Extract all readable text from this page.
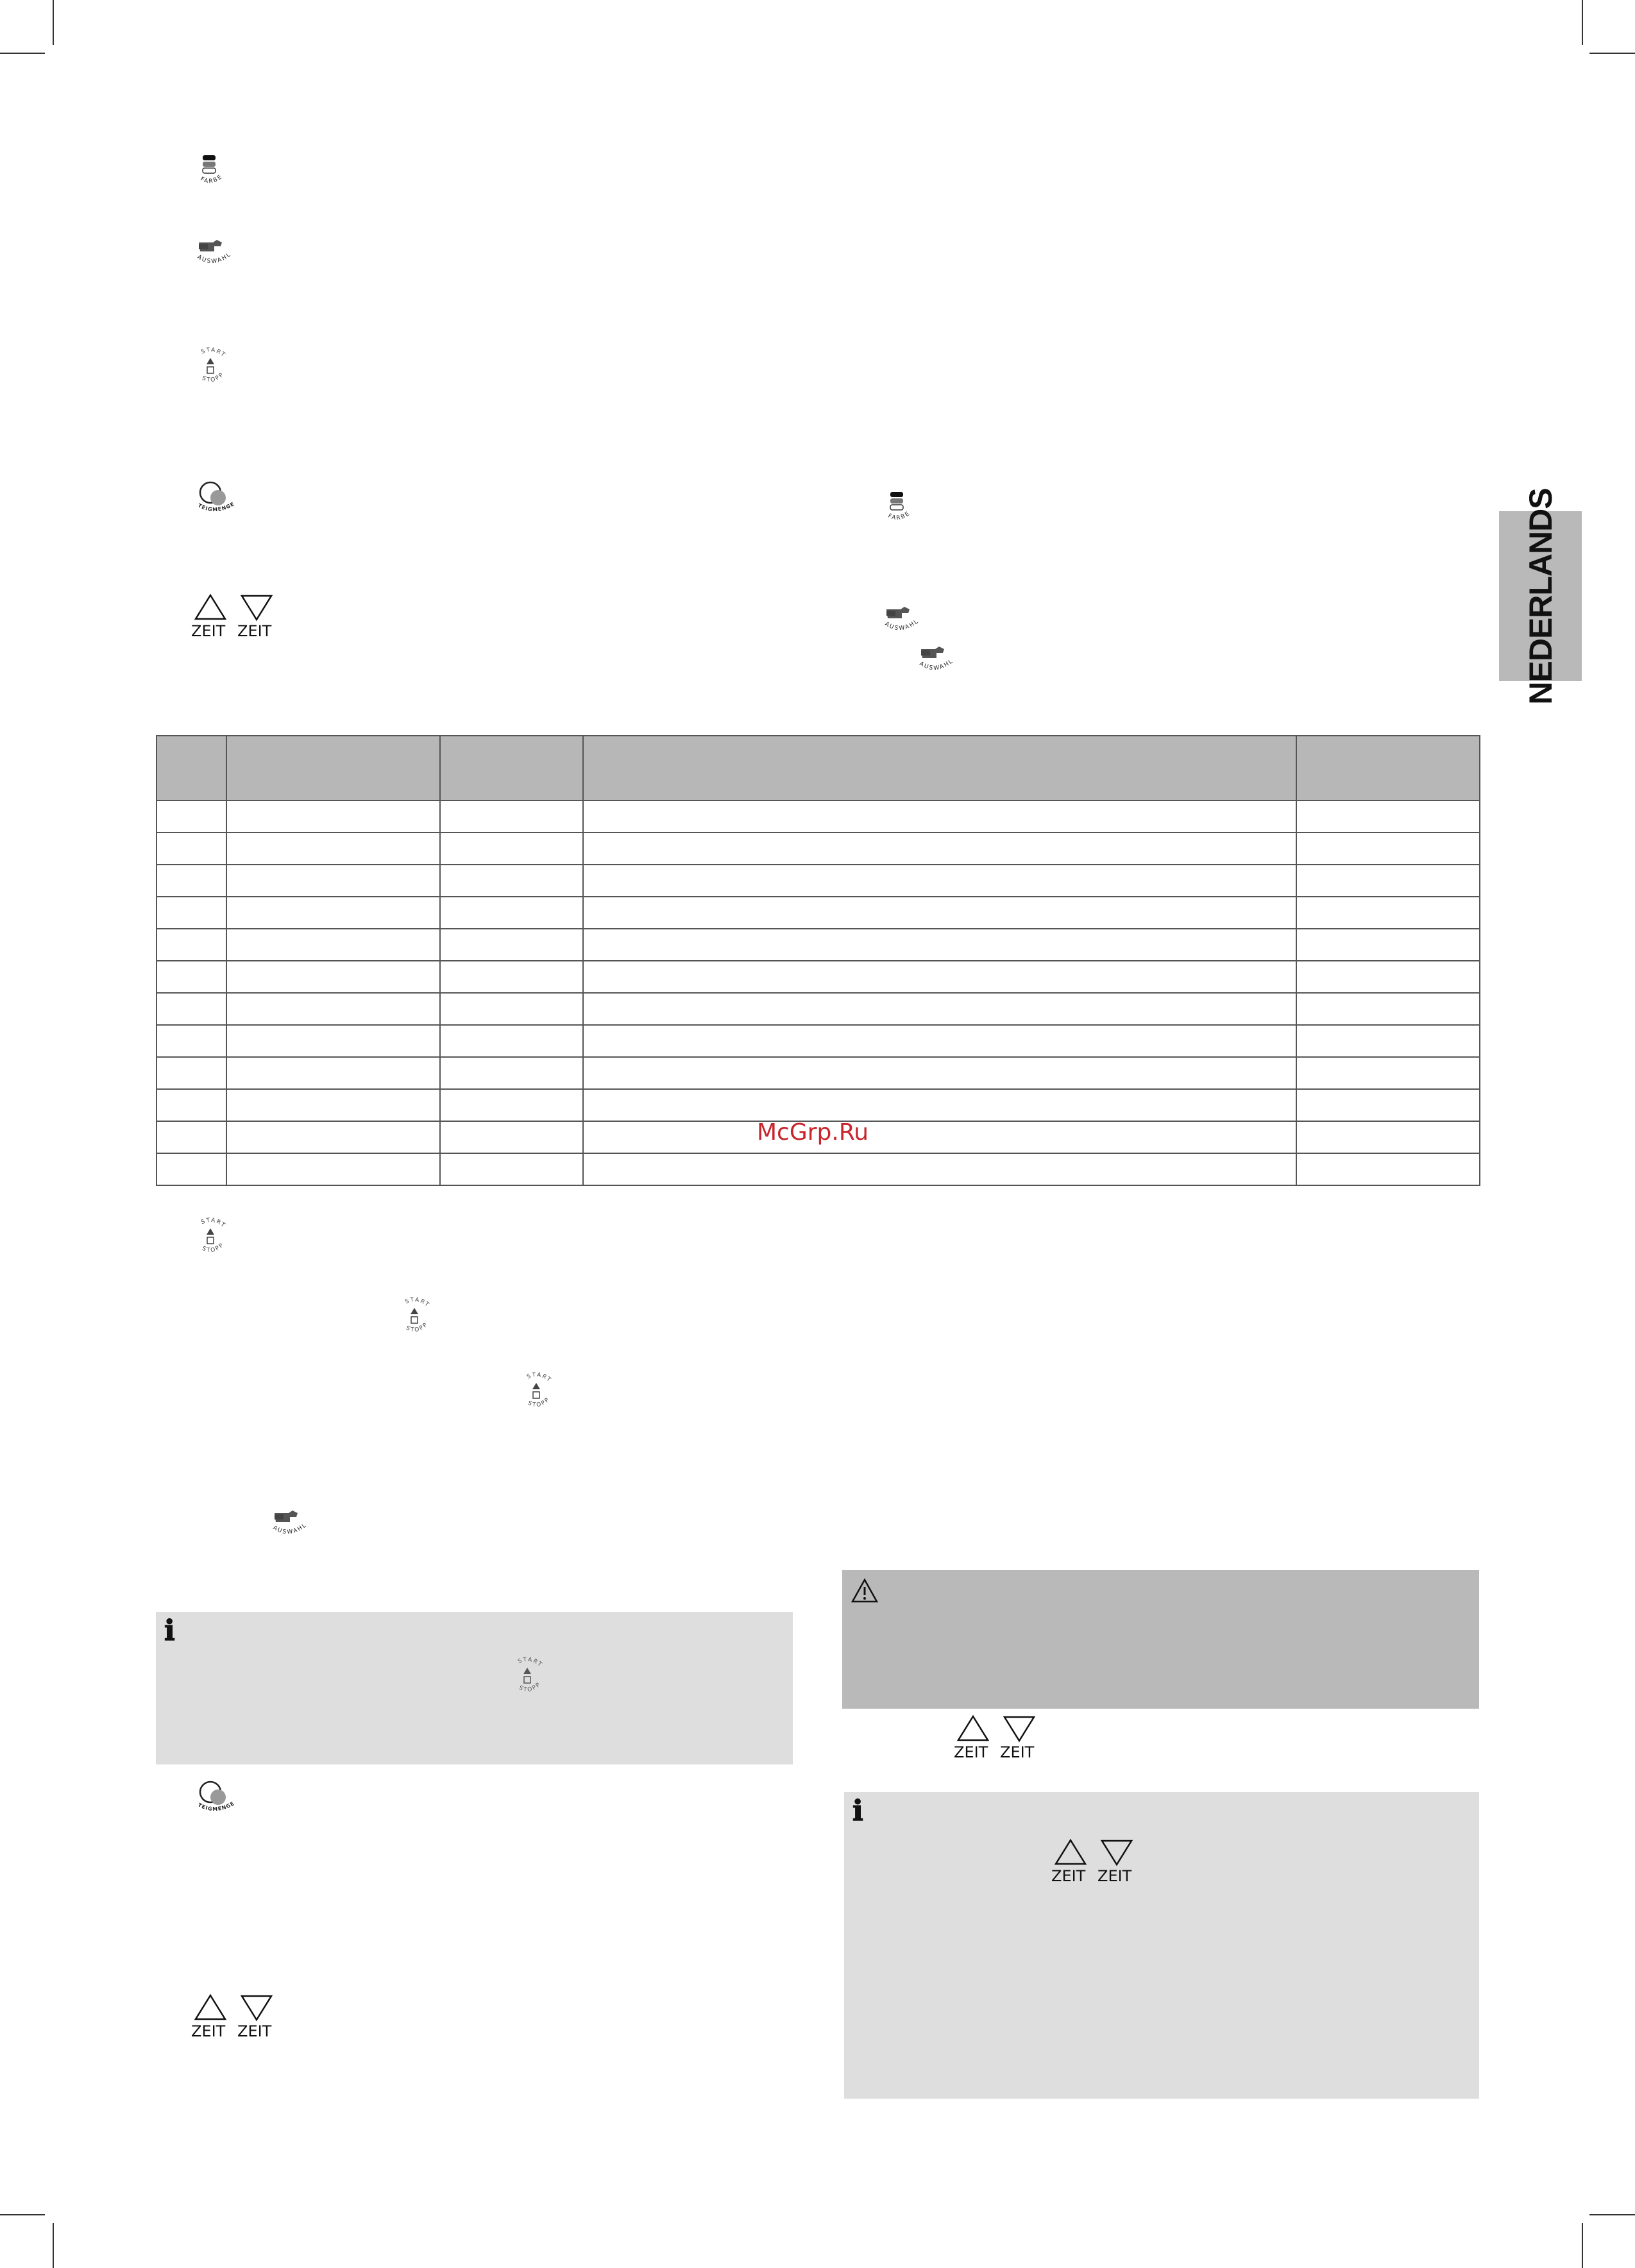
NEDERLANDS
FARBE
AUSWAHL
START
STOPP
TEIGMENGE
ZEIT ZEIT
FARBE
AUSWAHL
AUSWAHL

McGrp.Ru
START
STOPP
START
STOPP
START
STOPP
AUSWAHL
ℹ
START
STOPP
TEIGMENGE
ZEIT ZEIT
ZEIT ZEIT
ℹ
ZEIT ZEIT
